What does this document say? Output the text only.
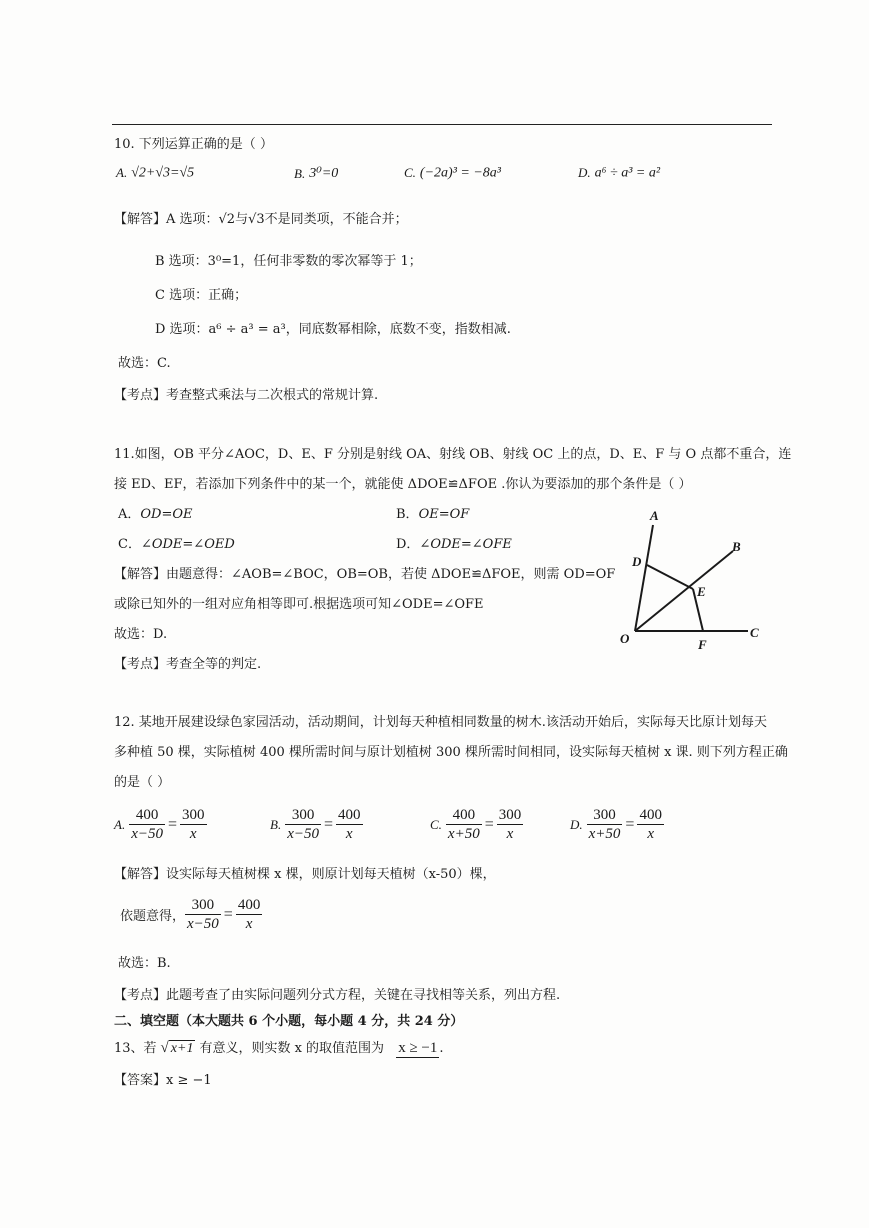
10. 下列运算正确的是（ ）
A. √2+√3=√5	B. 3⁰=0	C. (−2a)³ = −8a³	D. a⁶ ÷ a³ = a²
【解答】A 选项：√2与√3不是同类项，不能合并；
B 选项：3⁰=1，任何非零数的零次幂等于 1；
C 选项：正确；
D 选项：a⁶ ÷ a³ = a³，同底数幂相除，底数不变，指数相减.
故选：C.
【考点】考查整式乘法与二次根式的常规计算.
11.如图，OB 平分∠AOC，D、E、F 分别是射线 OA、射线 OB、射线 OC 上的点，D、E、F 与 O 点都不重合，连
接 ED、EF，若添加下列条件中的某一个，就能使 ΔDOE≌ΔFOE .你认为要添加的那个条件是（ ）
A．OD=OE	B．OE=OF
C．∠ODE=∠OED	D．∠ODE=∠OFE
【解答】由题意得：∠AOB=∠BOC，OB=OB，若使 ΔDOE≌ΔFOE，则需 OD=OF
或除已知外的一组对应角相等即可.根据选项可知∠ODE=∠OFE
故选：D.
【考点】考查全等的判定.
A
B
C
D
E
F
O
12. 某地开展建设绿色家园活动，活动期间，计划每天种植相同数量的树木.该活动开始后，实际每天比原计划每天
多种植 50 棵，实际植树 400 棵所需时间与原计划植树 300 棵所需时间相同，设实际每天植树 x 课. 则下列方程正确
的是（ ）
A. $\frac{400}{x-50} = \frac{300}{x}$	B. $\frac{300}{x-50} = \frac{400}{x}$	C. $\frac{400}{x+50} = \frac{300}{x}$	D. $\frac{300}{x+50} = \frac{400}{x}$
【解答】设实际每天植树棵 x 棵，则原计划每天植树（x-50）棵，
依题意得， $\frac{300}{x-50} = \frac{400}{x}$
故选：B.
【考点】此题考查了由实际问题列分式方程，关键在寻找相等关系，列出方程.
二、填空题（本大题共 6 个小题，每小题 4 分，共 24 分）
13、若 √ x+1 有意义，则实数 x 的取值范围为 x ≥ −1 .
【答案】x ≥ −1
